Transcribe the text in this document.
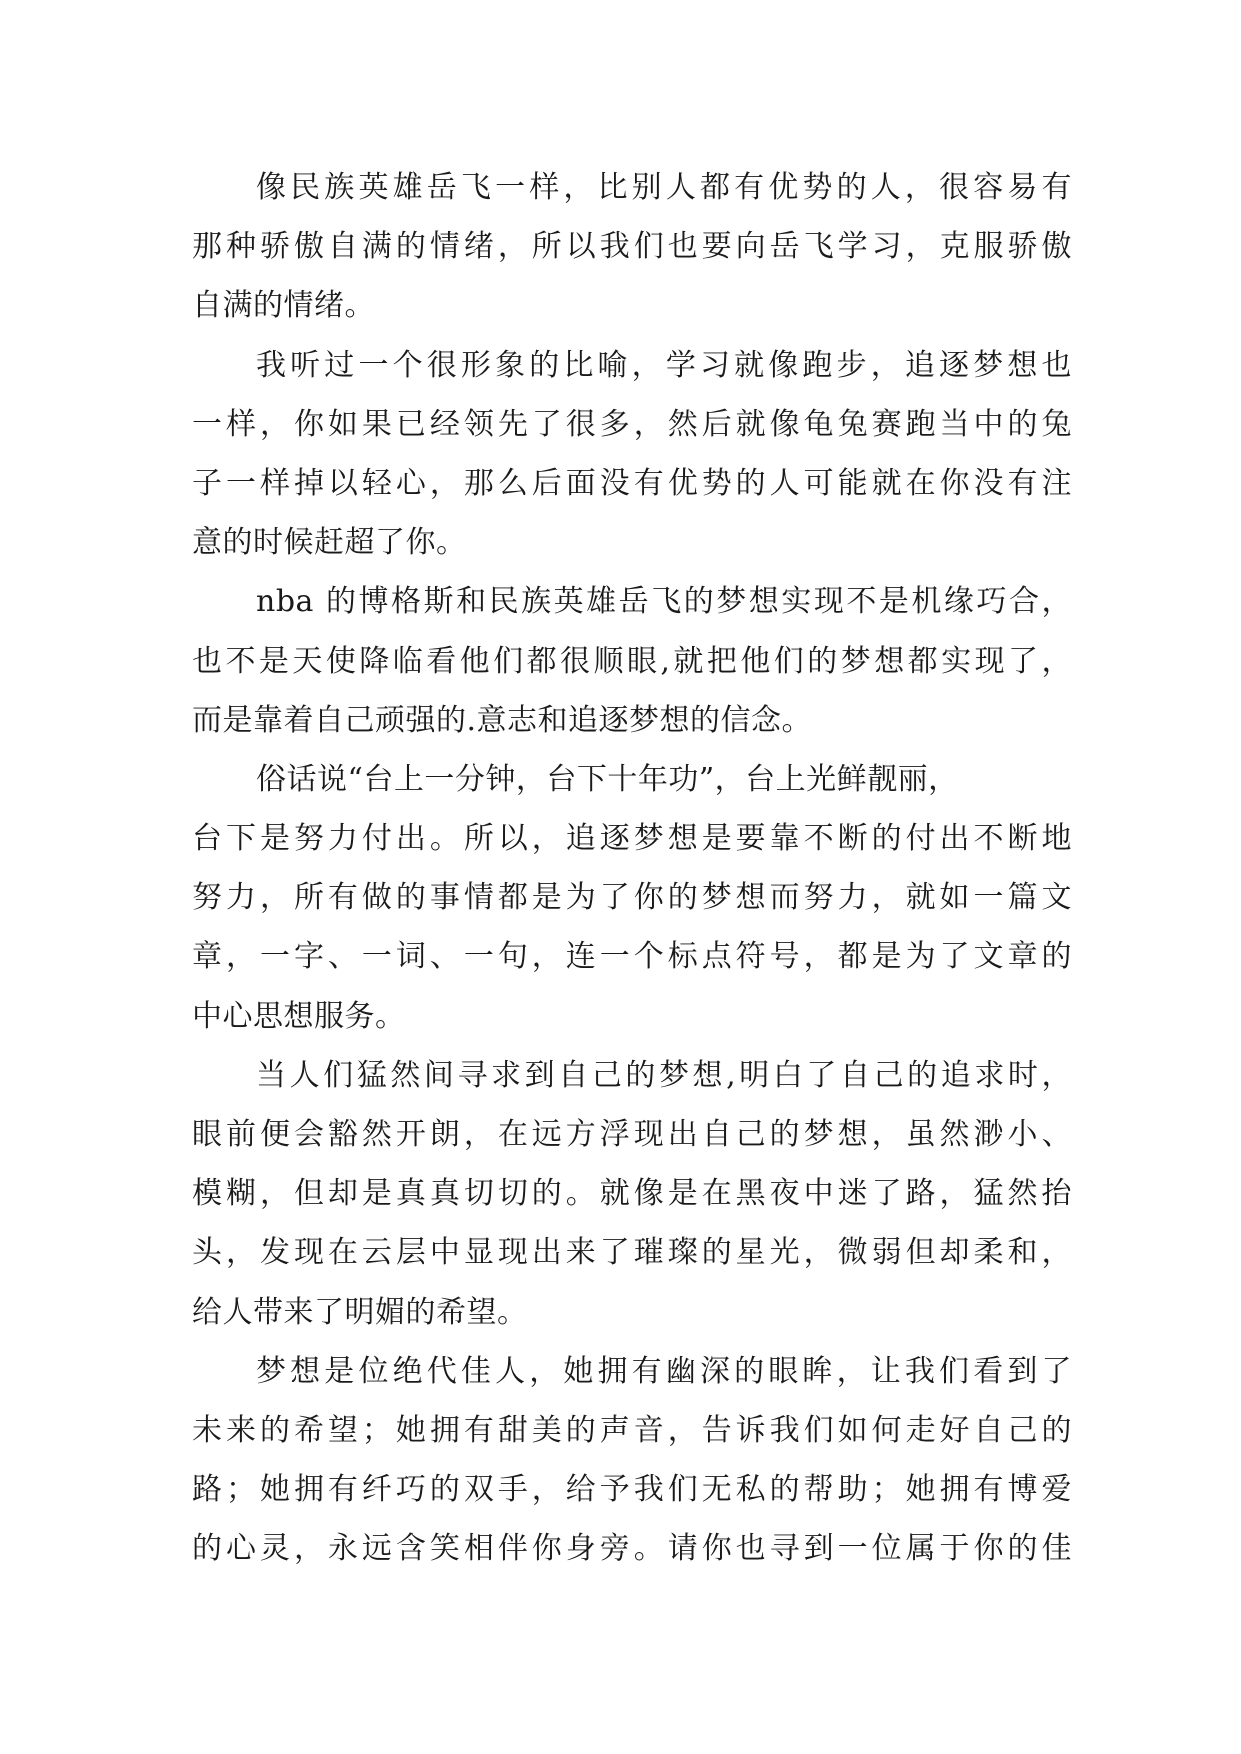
像民族英雄岳飞一样，比别人都有优势的人，很容易有
那种骄傲自满的情绪，所以我们也要向岳飞学习，克服骄傲
自满的情绪。
我听过一个很形象的比喻，学习就像跑步，追逐梦想也
一样，你如果已经领先了很多，然后就像龟兔赛跑当中的兔
子一样掉以轻心，那么后面没有优势的人可能就在你没有注
意的时候赶超了你。
nba 的博格斯和民族英雄岳飞的梦想实现不是机缘巧合，
也不是天使降临看他们都很顺眼,就把他们的梦想都实现了，
而是靠着自己顽强的.意志和追逐梦想的信念。
俗话说“台上一分钟，台下十年功”，台上光鲜靓丽，
台下是努力付出。所以，追逐梦想是要靠不断的付出不断地
努力，所有做的事情都是为了你的梦想而努力，就如一篇文
章，一字、一词、一句，连一个标点符号，都是为了文章的
中心思想服务。
当人们猛然间寻求到自己的梦想,明白了自己的追求时，
眼前便会豁然开朗，在远方浮现出自己的梦想，虽然渺小、
模糊，但却是真真切切的。就像是在黑夜中迷了路，猛然抬
头，发现在云层中显现出来了璀璨的星光，微弱但却柔和，
给人带来了明媚的希望。
梦想是位绝代佳人，她拥有幽深的眼眸，让我们看到了
未来的希望；她拥有甜美的声音，告诉我们如何走好自己的
路；她拥有纤巧的双手，给予我们无私的帮助；她拥有博爱
的心灵，永远含笑相伴你身旁。请你也寻到一位属于你的佳
